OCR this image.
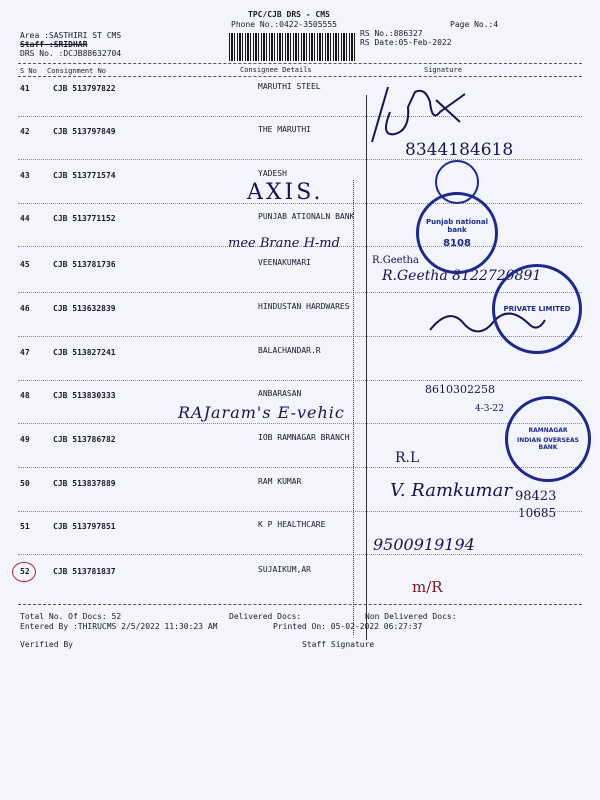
TPC/CJB DRS - CMS
Phone No.:0422-3505555	Page No.:4
Area :SASTHIRI ST CMS
Staff :SRIDHAR
DRS No. :DCJB88632704
RS No.:886327
RS Date:05-Feb-2022
S No Consignment No	Consignee Details	Signature
41	CJB 513797822	MARUTHI STEEL
42	CJB 513797849	THE MARUTHI
43	CJB 513771574	YADESH
44	CJB 513771152	PUNJAB ATIONALN BANK
45	CJB 513781736	VEENAKUMARI
46	CJB 513632839	HINDUSTAN HARDWARES
47	CJB 513827241	BALACHANDAR.R
48	CJB 513830333	ANBARASAN
49	CJB 513786782	IOB RAMNAGAR BRANCH
50	CJB 513837889	RAM KUMAR
51	CJB 513797851	K P HEALTHCARE
52	CJB 513781837	SUJAIKUM,AR
8344184618
AXIS.
mee Brane H-md
R.Geetha
R.Geetha 8122720891
RAJaram's E-vehic
8610302258
4-3-22
R.L
V. Ramkumar 98423
10685
9500919194
m/R
Punjab national bank
8108
PRIVATE LIMITED
RAMNAGAR
INDIAN OVERSEAS BANK
Total No. Of Docs: 52	Delivered Docs:	Non Delivered Docs:
Entered By :THIRUCMS 2/5/2022 11:30:23 AM	Printed On: 05-02-2022 06:27:37
Verified By	Staff Signature
